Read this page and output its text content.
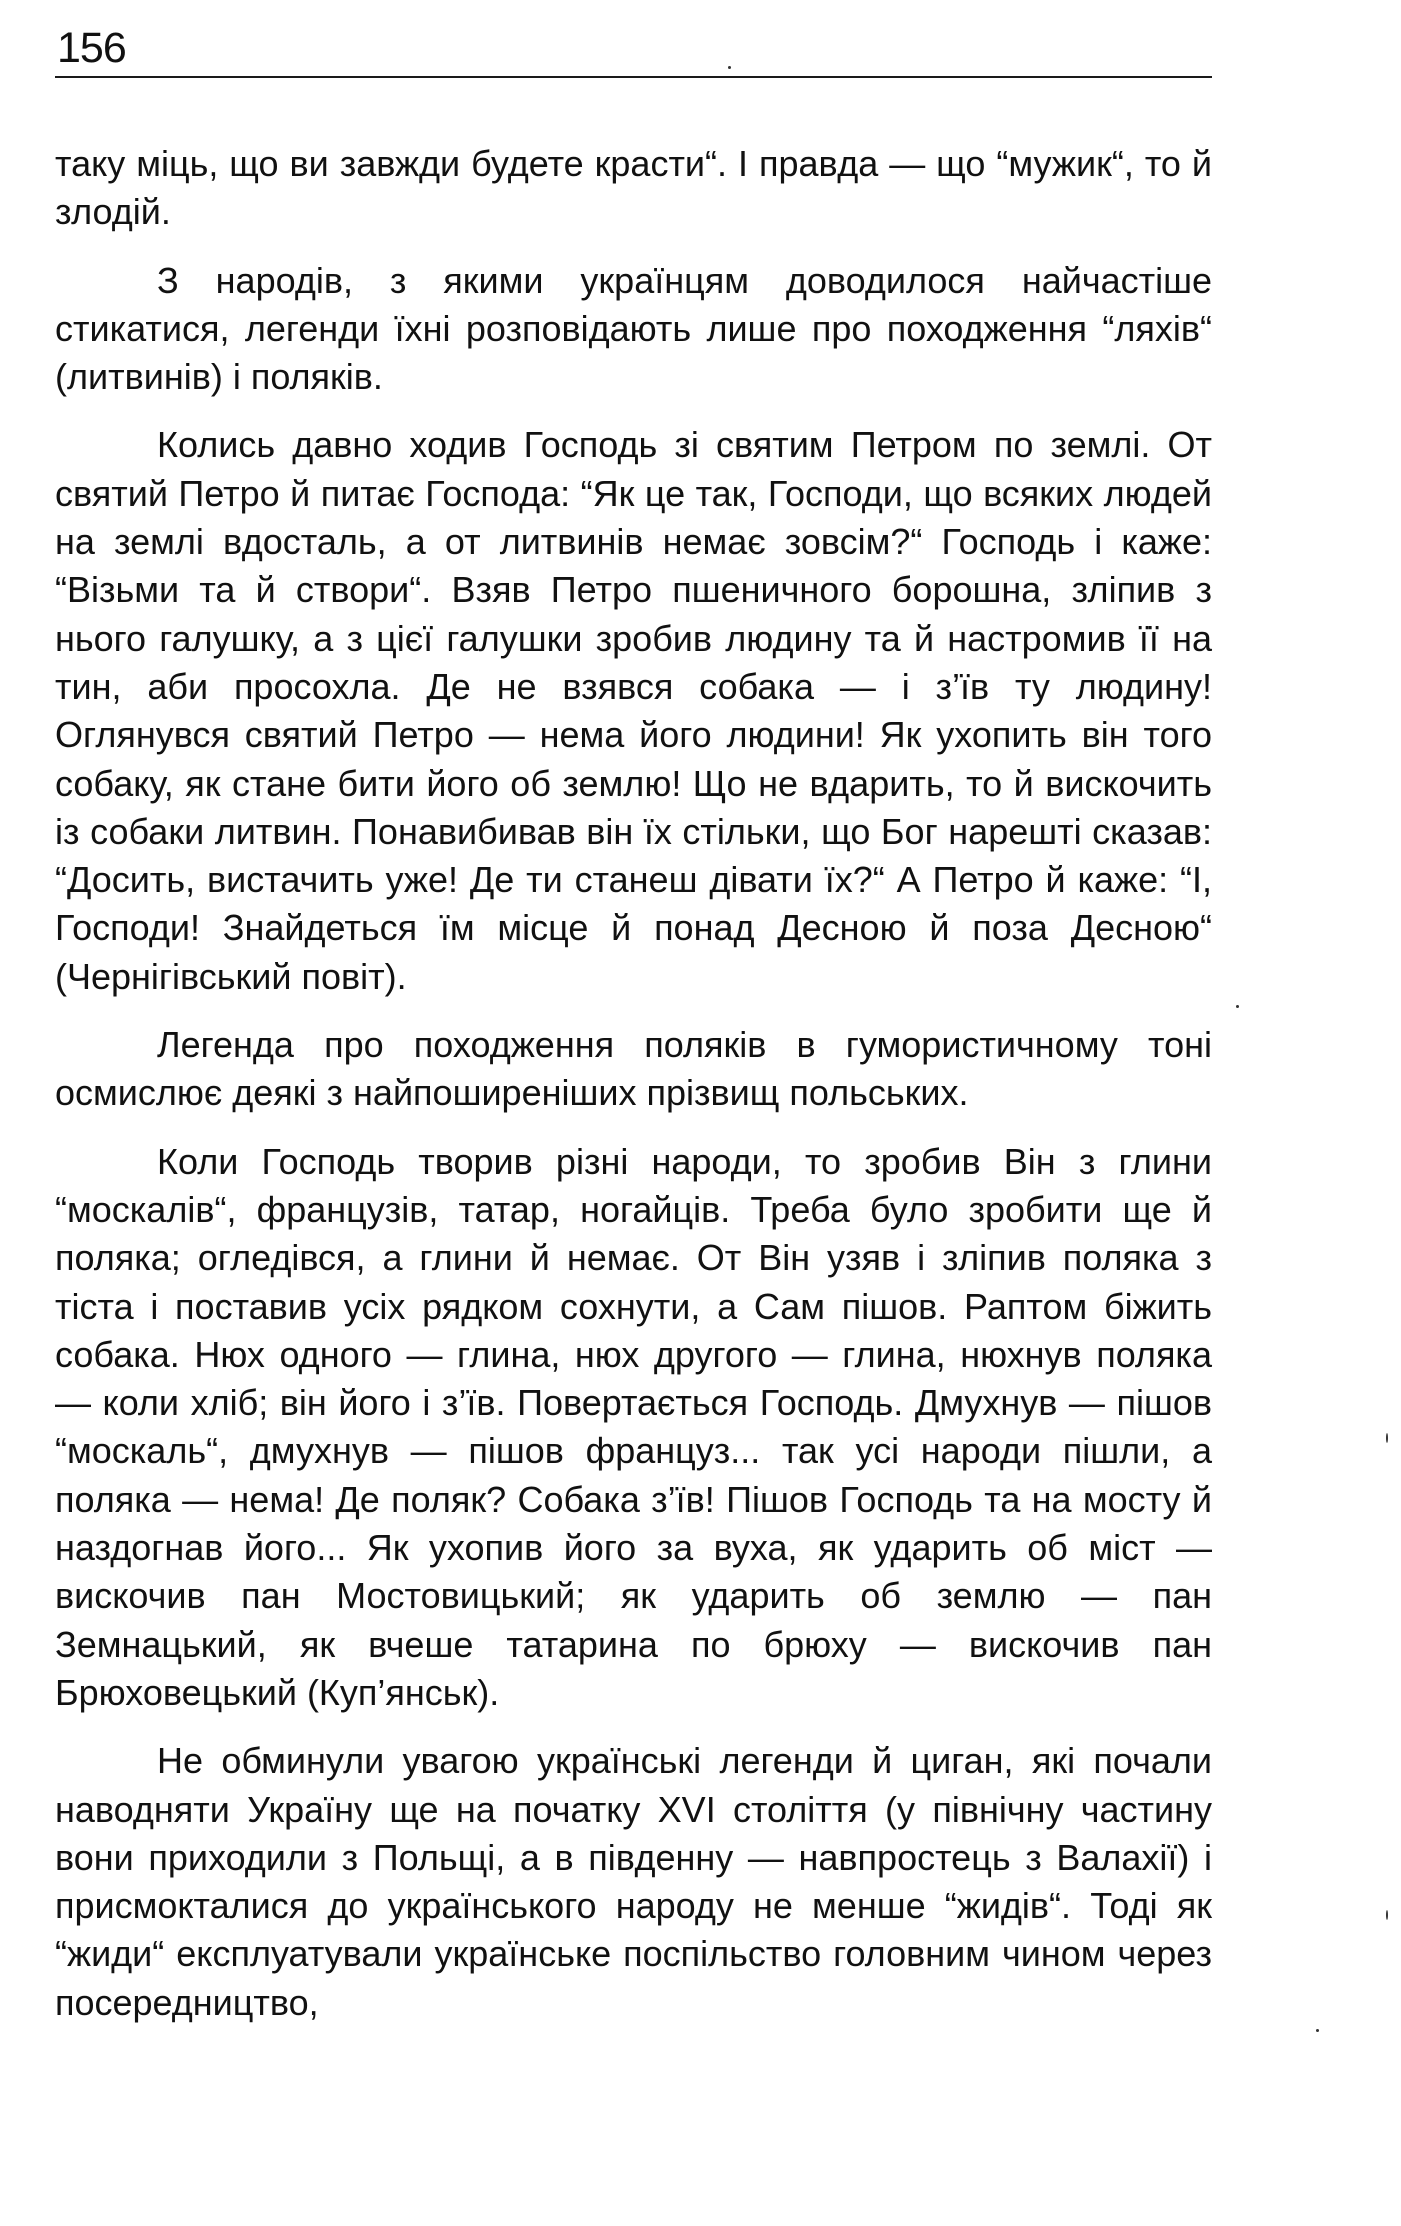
156

таку міць, що ви завжди будете красти“. І правда — що “мужик“, то й злодій.

З народів, з якими українцям доводилося найчастіше стикатися, легенди їхні розповідають лише про походження “ляхів“ (литвинів) і поляків.

Колись давно ходив Господь зі святим Петром по землі. От святий Петро й питає Господа: “Як це так, Господи, що всяких людей на землі вдосталь, а от литвинів немає зовсім?“ Господь і каже: “Візьми та й створи“. Взяв Петро пшеничного борошна, зліпив з нього галушку, а з цієї галушки зробив людину та й настромив її на тин, аби просохла. Де не взявся собака — і з’їв ту людину! Оглянувся святий Петро — нема його людини! Як ухопить він того собаку, як стане бити його об землю! Що не вдарить, то й вискочить із собаки литвин. Понавибивав він їх стільки, що Бог нарешті сказав: “Досить, вистачить уже! Де ти станеш дівати їх?“ А Петро й каже: “І, Господи! Знайдеться їм місце й понад Десною й поза Десною“ (Чернігівський повіт).

Легенда про походження поляків в гумористичному тоні осмислює деякі з найпоширеніших прізвищ польських.

Коли Господь творив різні народи, то зробив Він з глини “москалів“, французів, татар, ногайців. Треба було зробити ще й поляка; огледівся, а глини й немає. От Він узяв і зліпив поляка з тіста і поставив усіх рядком сохнути, а Сам пішов. Раптом біжить собака. Нюх одного — глина, нюх другого — глина, нюхнув поляка — коли хліб; він його і з’їв. Повертається Господь. Дмухнув — пішов “москаль“, дмухнув — пішов француз... так усі народи пішли, а поляка — нема! Де поляк? Собака з’їв! Пішов Господь та на мосту й наздогнав його... Як ухопив його за вуха, як ударить об міст — вискочив пан Мостовицький; як ударить об землю — пан Земнацький, як вчеше татарина по брюху — вискочив пан Брюховецький (Куп’янськ).

Не обминули увагою українські легенди й циган, які почали наводняти Україну ще на початку XVI століття (у північну частину вони приходили з Польщі, а в південну — навпростець з Валахії) і присмокталися до українського народу не менше “жидів“. Тоді як “жиди“ експлуатували українське поспільство головним чином через посередництво,
